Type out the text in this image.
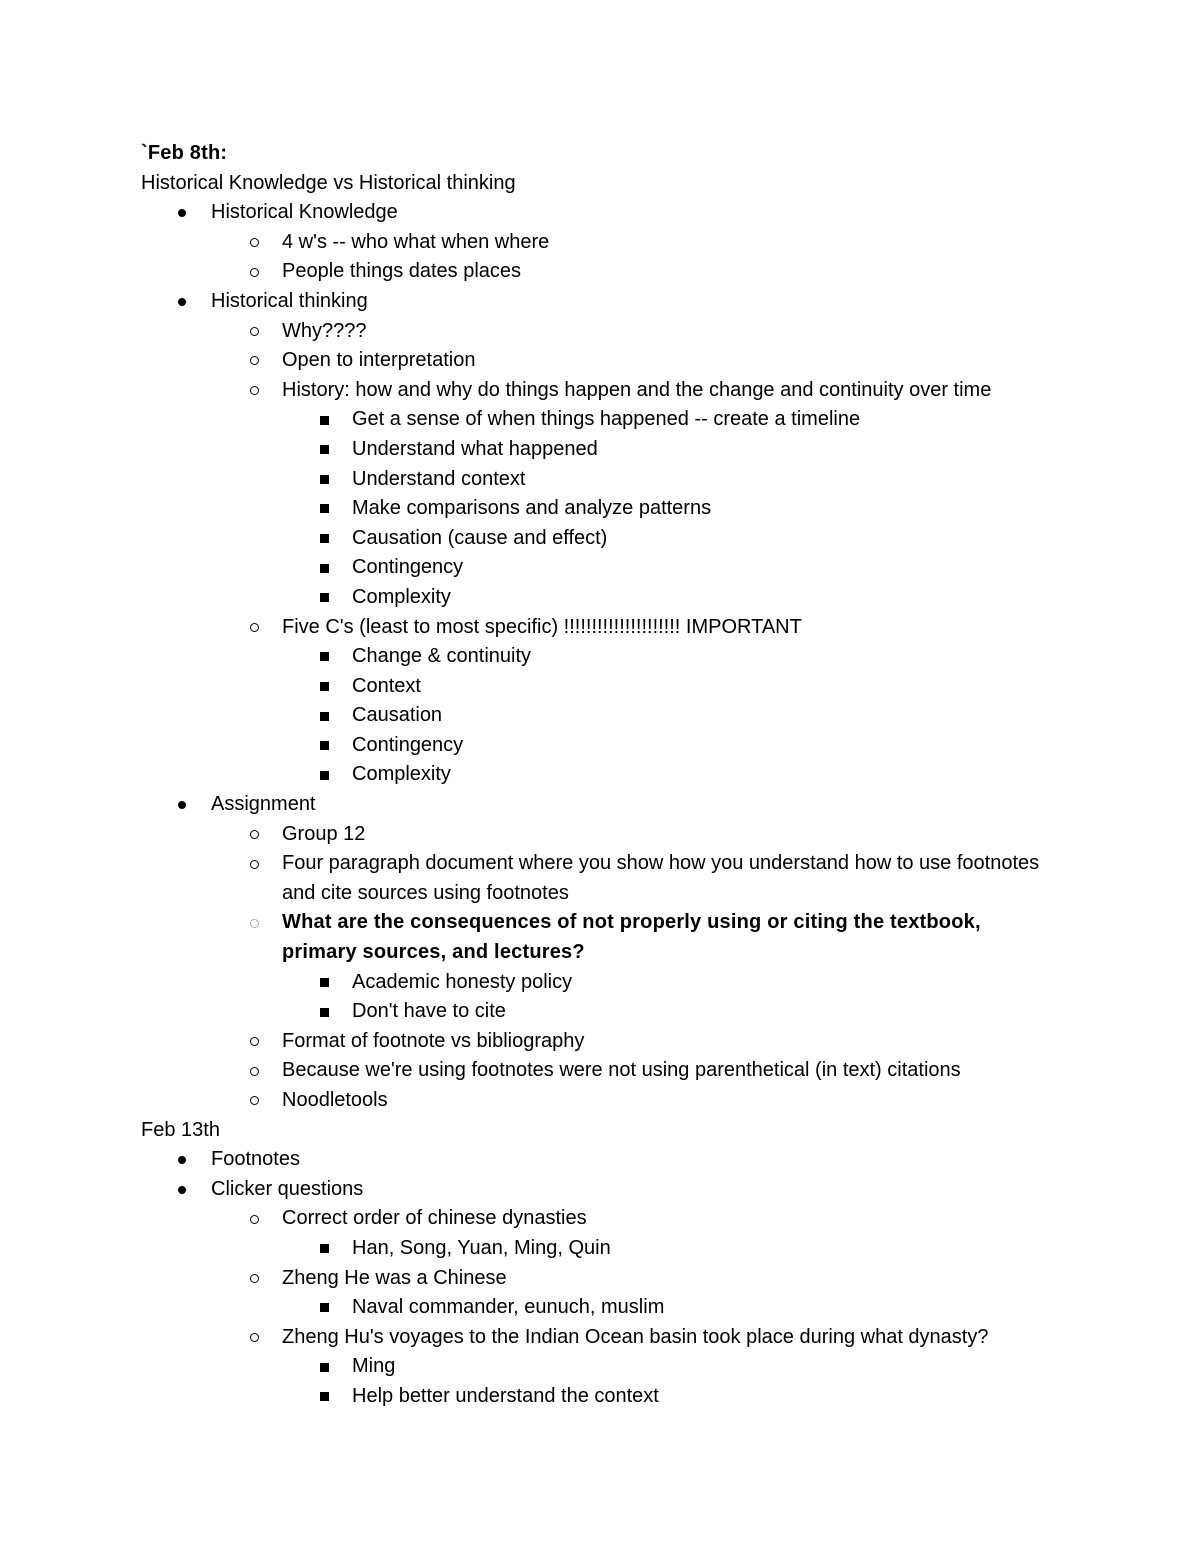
`Feb 8th:
Historical Knowledge vs Historical thinking
Historical Knowledge
4 w's -- who what when where
People things dates places
Historical thinking
Why????
Open to interpretation
History: how and why do things happen and the change and continuity over time
Get a sense of when things happened -- create a timeline
Understand what happened
Understand context
Make comparisons and analyze patterns
Causation (cause and effect)
Contingency
Complexity
Five C's (least to most specific) !!!!!!!!!!!!!!!!!!!!! IMPORTANT
Change & continuity
Context
Causation
Contingency
Complexity
Assignment
Group 12
Four paragraph document where you show how you understand how to use footnotes and cite sources using footnotes
What are the consequences of not properly using or citing the textbook, primary sources, and lectures?
Academic honesty policy
Don't have to cite
Format of footnote vs bibliography
Because we're using footnotes were not using parenthetical (in text) citations
Noodletools
Feb 13th
Footnotes
Clicker questions
Correct order of chinese dynasties
Han, Song, Yuan, Ming, Quin
Zheng He was a Chinese
Naval commander, eunuch, muslim
Zheng Hu's voyages to the Indian Ocean basin took place during what dynasty?
Ming
Help better understand the context
